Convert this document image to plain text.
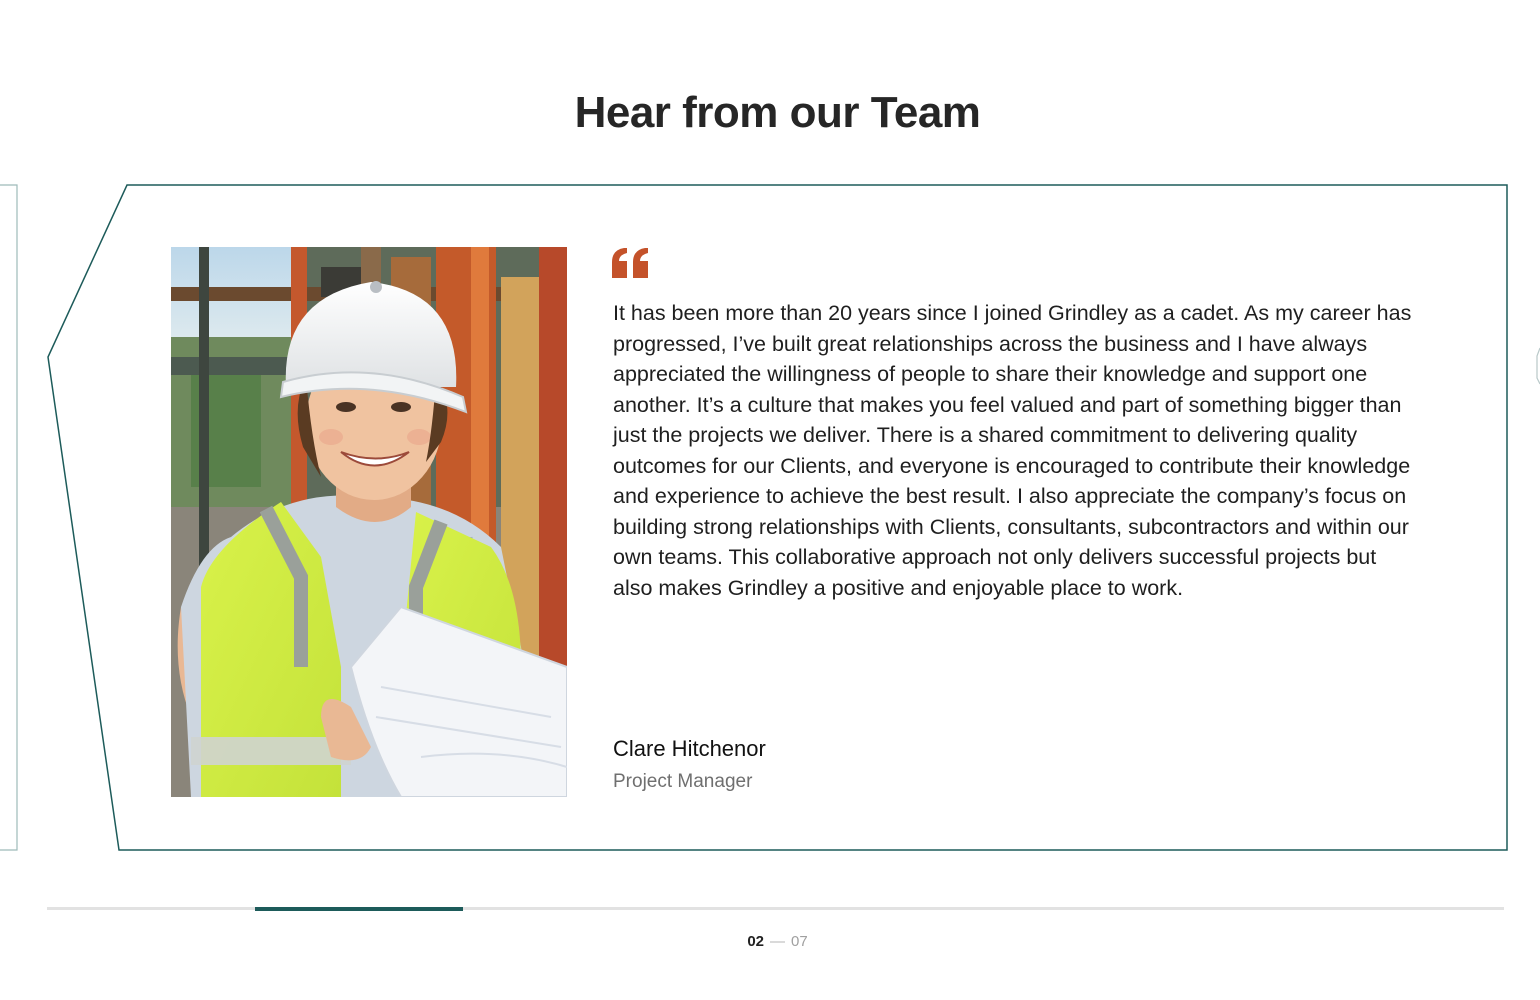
Hear from our Team

It has been more than 20 years since I joined Grindley as a cadet. As my career has progressed, I’ve built great relationships across the business and I have always appreciated the willingness of people to share their knowledge and support one another. It’s a culture that makes you feel valued and part of something bigger than just the projects we deliver. There is a shared commitment to delivering quality outcomes for our Clients, and everyone is encouraged to contribute their knowledge and experience to achieve the best result. I also appreciate the company’s focus on building strong relationships with Clients, consultants, subcontractors and within our own teams. This collaborative approach not only delivers successful projects but also makes Grindley a positive and enjoyable place to work.

Clare Hitchenor

Project Manager

02 — 07
